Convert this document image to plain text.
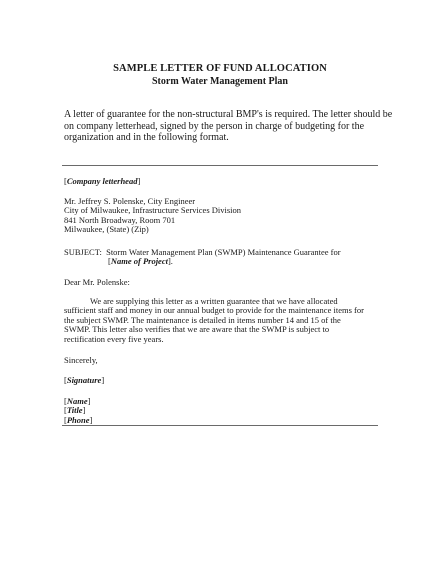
SAMPLE LETTER OF FUND ALLOCATION
Storm Water Management Plan
A letter of guarantee for the non-structural BMP's is required. The letter should be
on company letterhead, signed by the person in charge of budgeting for the
organization and in the following format.
[Company letterhead]
Mr. Jeffrey S. Polenske, City Engineer
City of Milwaukee, Infrastructure Services Division
841 North Broadway, Room 701
Milwaukee, (State) (Zip)
SUBJECT: Storm Water Management Plan (SWMP) Maintenance Guarantee for
[Name of Project].
Dear Mr. Polenske:
We are supplying this letter as a written guarantee that we have allocated
sufficient staff and money in our annual budget to provide for the maintenance items for
the subject SWMP. The maintenance is detailed in items number 14 and 15 of the
SWMP. This letter also verifies that we are aware that the SWMP is subject to
rectification every five years.
Sincerely,
[Signature]
[Name]
[Title]
[Phone]
